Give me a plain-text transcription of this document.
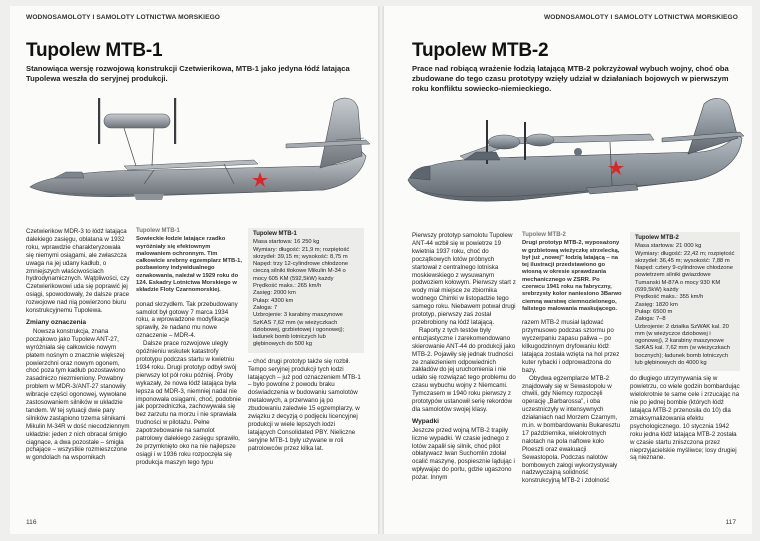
WODNOSAMOLOTY I SAMOLOTY LOTNICTWA MORSKIEGO
Tupolew MTB-1
Stanowiąca wersję rozwojową konstrukcji Czetwierikowa, MTB-1 jako jedyna łódź latająca Tupolewa weszła do seryjnej produkcji.

Czetwierikow MDR-3 to łódź latająca dalekiego zasięgu, oblatana w 1932 roku, wprawdzie charakteryzowała się niemymi osiągami, ale zwłaszcza uwaga na jej udany kadłub, o zmniejszych właściwościach hydrodynamicznych. Wątpliwości, czy Czetwierikowowi uda się poprawić jej osiągi, spowodowały, że dalsze prace rozwojowe nad nią powierzono biuru konstrukcyjnemu Tupolewa.

Zmiany oznaczenia

Nowsza konstrukcja, znana począkowo jako Tupolew ANT-27, wyróżniała się całkowicie nowym płatem nośnym o znacznie większej powierzchni oraz nowym ogonem, choć poza tym kadłub pozostawiono zasadniczo niezmieniony. Powabny problem w MDR-3/ANT-27 stanowiły wibracje części ogonowej, wywołane zastosowaniem silników w układzie tandem. W tej sytuacji dwie pary silników zastąpiono trzema silnikami Mikulin M-34R w dość niecodziennym układzie: jeden z nich obracał śmigło ciągnące, a dwa pozostałe – śmigła pchające – wszystkie rozmieszczone w gondolach na wspornikach

Tupolew MTB-1
Sowieckie łodzie latające rzadko wyróżniały się efektownym malowaniem ochronnym. Tim całkowicie srebrny egzemplarz MTB-1, pozbawiony indywidualnego oznakowania, należał w 1929 roku do 124. Eskadry Lotnictwa Morskiego w składzie Floty Czarnomorskiej.

ponad skrzydłem. Tak przebudowany samolot był gotowy 7 marca 1934 roku, a wprowadzone modyfikacje sprawiły, że nadano mu nowe oznaczenie – MDR-4.

Dalsze prace rozwojowe uległy opóźnieniu wskutek katastrofy prototypu podczas startu w kwietniu 1934 roku. Drugi prototyp odbył swój pierwszy lot pół roku później. Próby wykazały, że nowa łódź latająca była lepsza od MDR-3, niemniej nadal nie imponowała osiągami, choć, podobnie jak poprzedniczka, zachowywała się bez zarzutu na morzu i nie sprawiała trudności w pilotażu. Pełne zapotrzebowanie na samolot patrolowy dalekiego zasięgu sprawiło, że przymknięto oko na nie najlepsze osiągi i w 1936 roku rozpoczęła się produkcja maszyn tego typu

Tupolew MTB-1
Masa startowa: 16 250 kg
Wymiary: długość: 21,9 m; rozpiętość skrzydeł: 39,15 m; wysokość: 8,75 m
Napęd: trzy 12-cylindrowe chłodzone cieczą silniki tłokowe Mikulin M-34 o mocy 605 KM (592,5kW) każdy
Prędkość maks.: 265 km/h
Zasięg: 2000 km
Pułap: 4300 km
Załoga: 7
Uzbrojenie: 3 karabiny maszynowe SzKAS 7,62 mm (w wieżyczkach dziobowej, grzbietowej i ogonowej); ładunek bomb lotniczych lub głębinowych do 500 kg

– choć drugi prototyp także się rozbił. Tempo seryjnej produkcji tych łodzi latających – już pod oznaczeniem MTB-1 – było powolne z powodu braku doświadczenia w budowaniu samolotów metalowych, a przerwano ją po zbudowaniu zaledwie 15 egzemplarzy, w związku z decyzją o podjęciu licencyjnej produkcji w wiele lepszych łodzi latających Consolidated PBY. Nieliczne seryjne MTB-1 były używane w roli patrolowców przez kilka lat.

116
WODNOSAMOLOTY I SAMOLOTY LOTNICTWA MORSKIEGO
Tupolew MTB-2
Prace nad robiącą wrażenie łodzią latającą MTB-2 pokrzyżował wybuch wojny, choć oba zbudowane do tego czasu prototypy wzięły udział w działaniach bojowych w pierwszym roku konfliktu sowiecko-niemieckiego.

Pierwszy prototyp samolotu Tupolew ANT-44 wzbił się w powietrze 19 kwietnia 1937 roku, choć do początkowych lotów próbnych startował z centralnego lotniska moskiewskiego z wysuwanym podwoziem kołowym. Pierwszy start z wody miał miejsce ze zbiornika wodnego Chimki w listopadzie tego samego roku. Niebawem potwał drugi prototyp, pierwszy zaś został przebrobiony na łódź latającą.

Raporty z tych testów były entuzjastyczne i zarekomendowano skierowanie ANT-44 do produkcji jako MTB-2. Pojawiły się jednak trudności ze znalezieniem odpowiednich zakładów do jej uruchomienia i nie udało się rozwiązać tego problemu do czasu wybuchu wojny z Niemcami. Tymczasem w 1940 roku pierwszy z prototypów ustanowił serię rekordów dla samolotów swojej klasy.

Wypadki

Jeszcze przed wojną MTB-2 trapiły liczne wypadki. W czasie jednego z lotów zapalił się silnik, choć pilot obłatywacz Iwan Suchomlin zdołał ocalić maszynę, pospiesznie lądując i wpływając do portu, gdzie ugaszono pożar. Innym

Tupolew MTB-2
Drugi prototyp MTB-2, wyposażony w grzbietową wieżyczkę strzelecką, był już „nowej” łodzią latającą – na tej ilustracji przedstawiono go wiosną w okresie sprawdzania mechanicznego w ZSRR. Po czerwcu 1941 roku na fabryczny, srebrzysty kolor naniesiono 3Barwo ciemną warstwę ciemnozielonego, falistego malowania maskującego.

razem MTB-2 musiał lądować przymusowo podczas sztormu po wyczerpaniu zapasu paliwa – po kilkugodzinnym dryfowaniu łódź latająca została wzięta na hol przez kuter rybacki i odprowadzona do bazy.

Obydwa egzemplarze MTB-2 znajdowały się w Sewastopolu w chwili, gdy Niemcy rozpoczęli operację „Barbarossa”, i oba uczestniczyły w intensywnych działaniach nad Morzem Czarnym, m.in. w bombardowaniu Bukaresztu 17 października, wielokrotnych nalotach na pola naftowe koło Ploeszti oraz ewakuacji Sewastopola. Podczas nalotów bombowych załogi wykorzystywały nadzwyczajną solidność konstrukcyjną MTB-2 i zdolność

Tupolew MTB-2
Masa startowa: 21 000 kg
Wymiary: długość: 22,42 m; rozpiętość skrzydeł: 36,45 m; wysokość: 7,88 m
Napęd: cztery 9-cylindrowe chłodzone powietrzem silniki gwiazdowe Tumanski M-87A o mocy 930 KM (699,5kW) każdy
Prędkość maks.: 355 km/h
Zasięg: 1820 km
Pułap: 6500 m
Załoga: 7–8
Uzbrojenie: 2 działka SzWAK kal. 20 mm (w wieżyczce dziobowej i ogonowej), 2 karabiny maszynowe SzKAS kal. 7,62 mm (w wieżyczkach bocznych); ładunek bomb lotniczych lub głębinowych do 4000 kg

do długiego utrzymywania się w powietrzu, co wiele godzin bombardując wielokrotnie te same cele i zrzucając na nie po jednej bombie (których łódź latająca MTB-2 przenosiła do 10) dla zmaksymalizowania efektu psychologicznego. 10 stycznia 1942 roku jedna łódź latająca MTB-2 została w czasie startu zniszczona przez nieprzyjacielskie myśliwce; losy drugiej są nieznane.

117
